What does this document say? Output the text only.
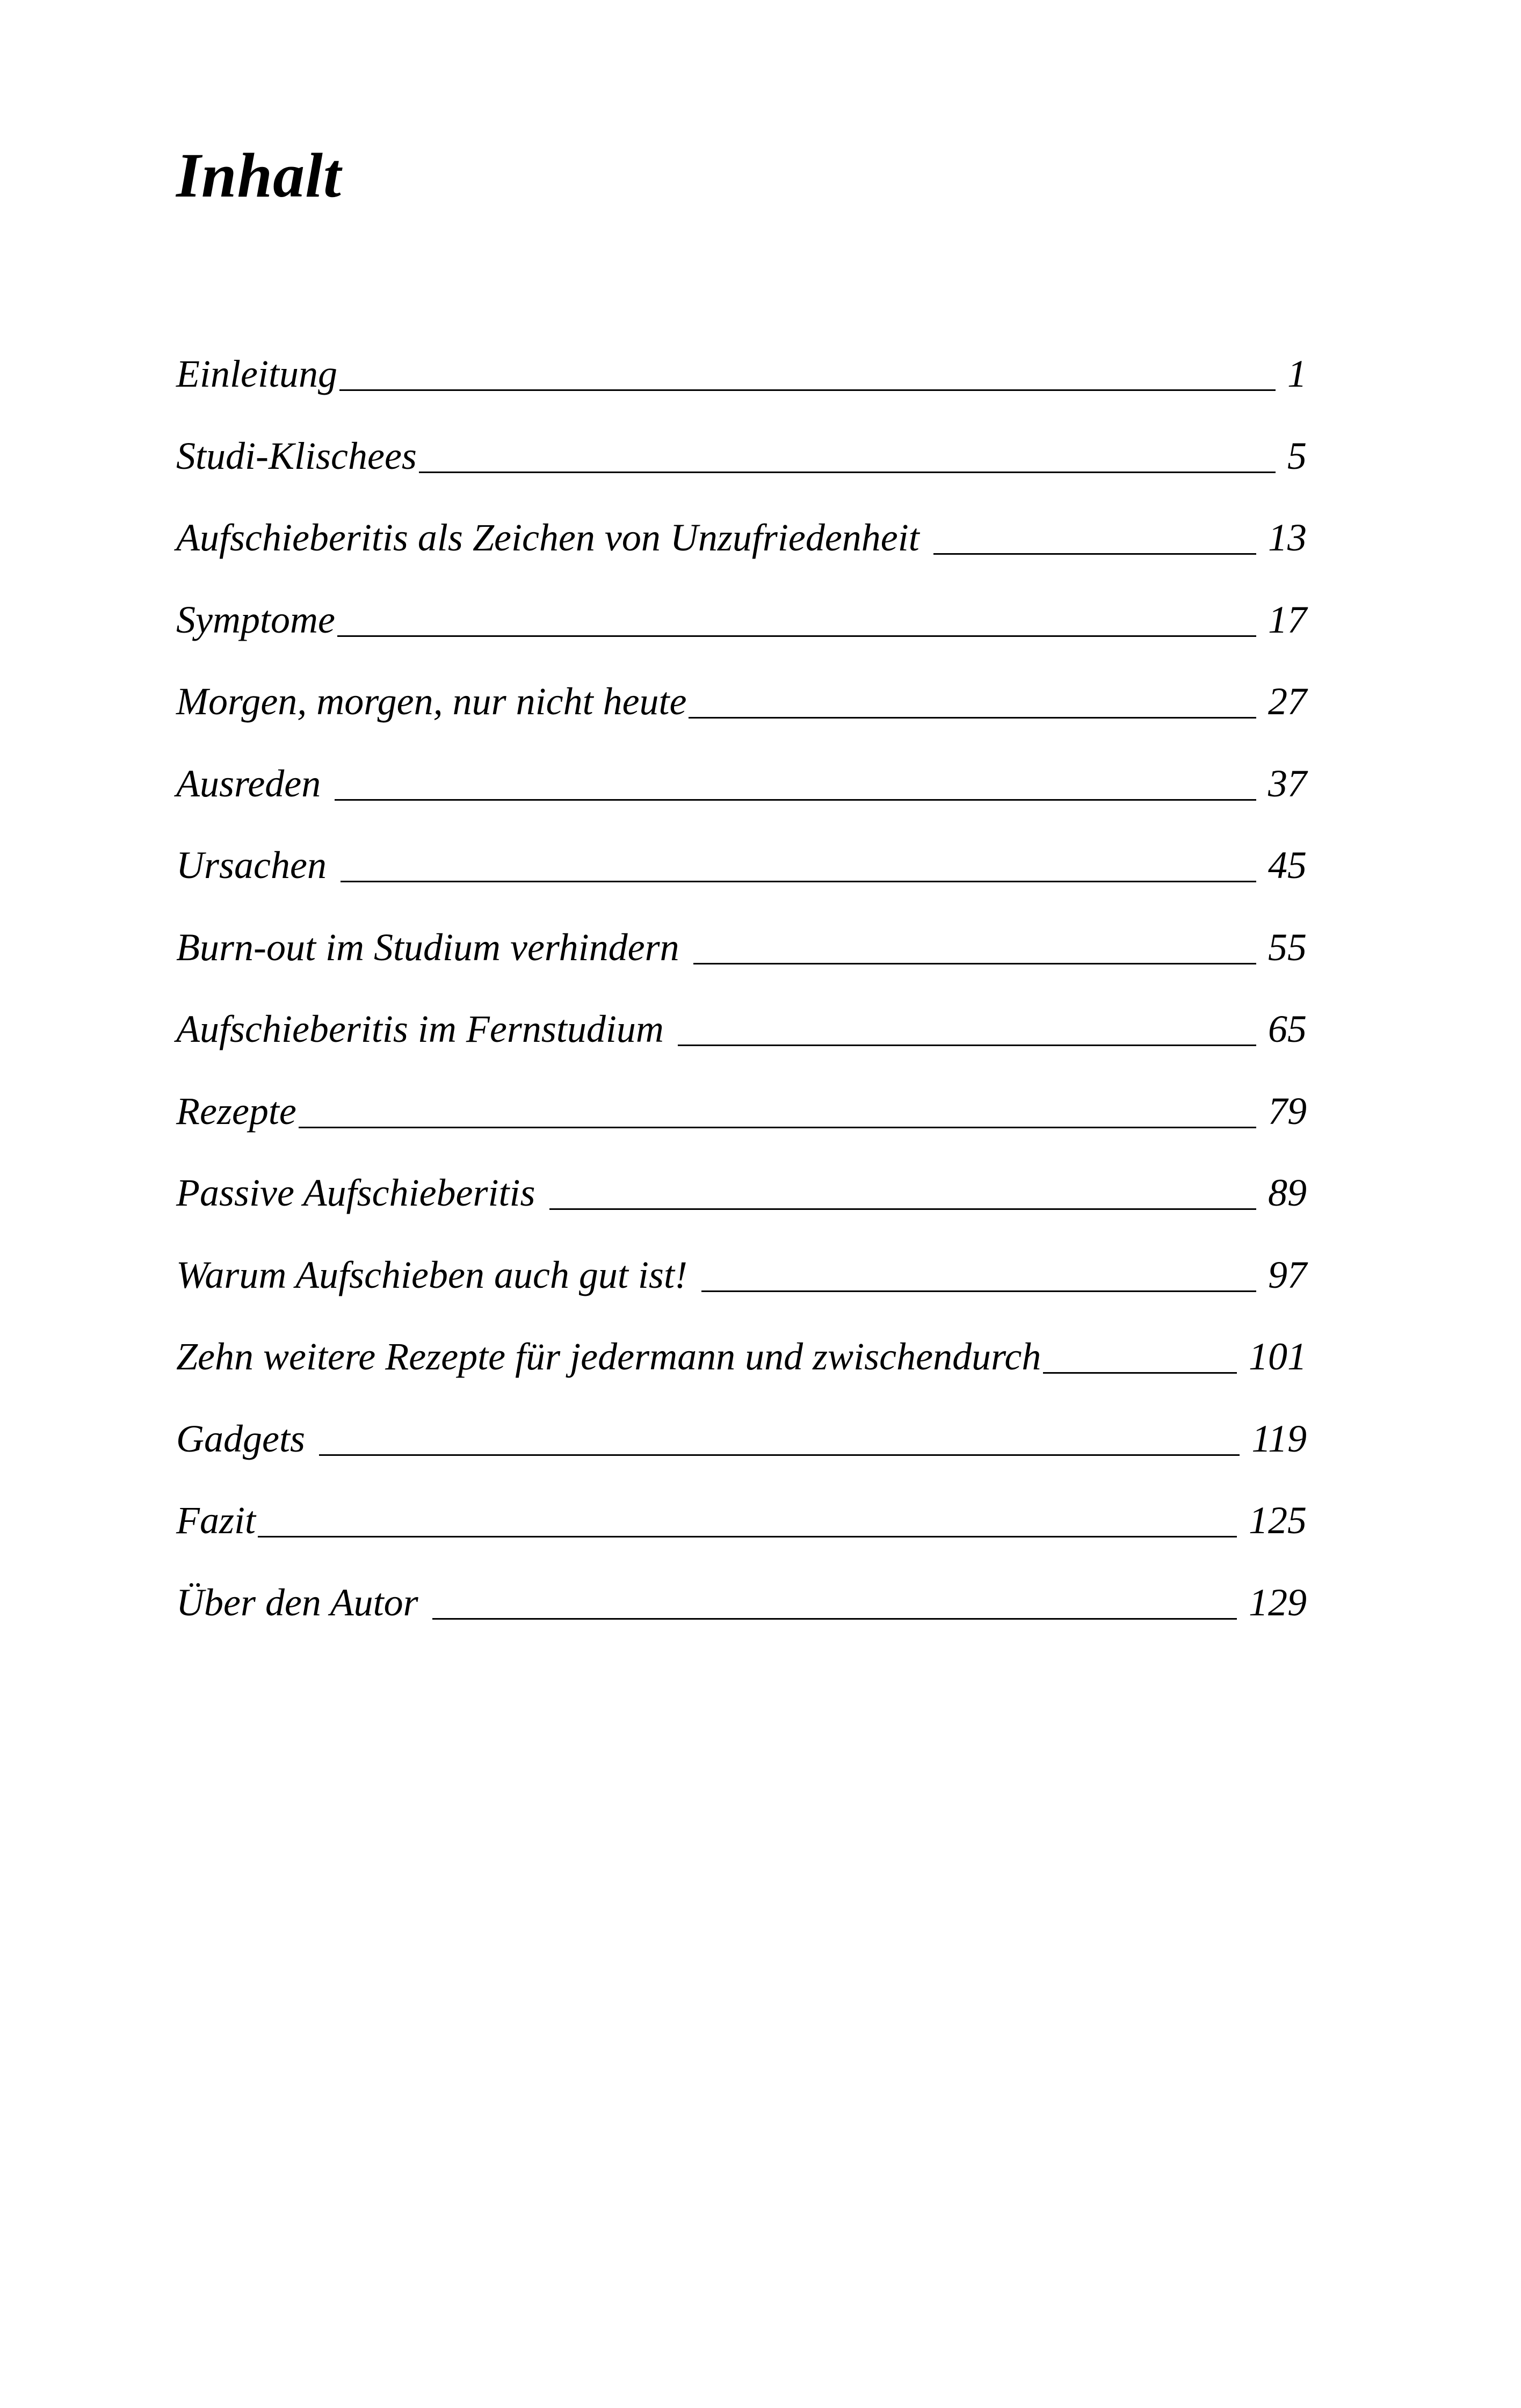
Inhalt
Einleitung	1
Studi-Klischees	5
Aufschieberitis als Zeichen von Unzufriedenheit	13
Symptome	17
Morgen, morgen, nur nicht heute	27
Ausreden	37
Ursachen	45
Burn-out im Studium verhindern	55
Aufschieberitis im Fernstudium	65
Rezepte	79
Passive Aufschieberitis	89
Warum Aufschieben auch gut ist!	97
Zehn weitere Rezepte für jedermann und zwischendurch	101
Gadgets	119
Fazit	125
Über den Autor	129
